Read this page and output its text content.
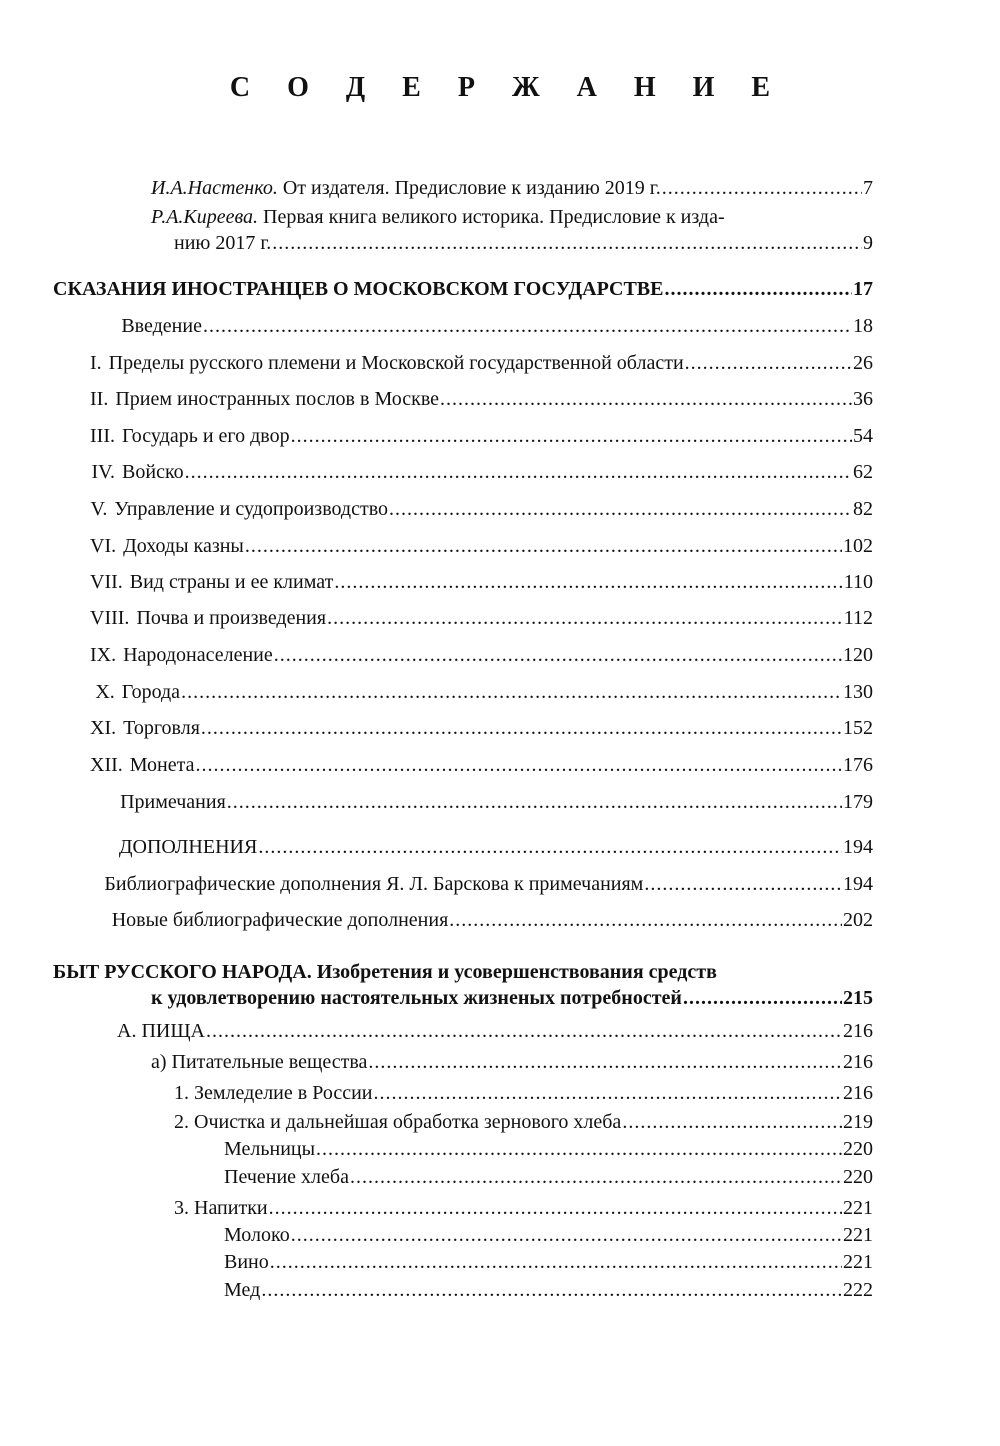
С О Д Е Р Ж А Н И Е
И.А.Настенко. От издателя. Предисловие к изданию 2019 г. .....	7
Р.А.Киреева. Первая книга великого историка. Предисловие к изда-
нию 2017 г. .....	9
СКАЗАНИЯ ИНОСТРАНЦЕВ О МОСКОВСКОМ ГОСУДАРСТВЕ .....	17
Введение .....	18
I. Пределы русского племени и Московской государственной области .....	26
II. Прием иностранных послов в Москве .....	36
III. Государь и его двор .....	54
IV. Войско .....	62
V. Управление и судопроизводство .....	82
VI. Доходы казны .....	102
VII. Вид страны и ее климат .....	110
VIII. Почва и произведения .....	112
IX. Народонаселение .....	120
X. Города .....	130
XI. Торговля .....	152
XII. Монета .....	176
Примечания .....	179
ДОПОЛНЕНИЯ .....	194
Библиографические дополнения Я. Л. Барскова к примечаниям .....	194
Новые библиографические дополнения .....	202
БЫТ РУССКОГО НАРОДА. Изобретения и усовершенствования средств
к удовлетворению настоятельных жизненых потребностей .....	215
А. ПИЩА .....	216
а) Питательные вещества .....	216
1. Земледелие в России .....	216
2. Очистка и дальнейшая обработка зернового хлеба .....	219
Мельницы .....	220
Печение хлеба .....	220
3. Напитки .....	221
Молоко .....	221
Вино .....	221
Мед .....	222
